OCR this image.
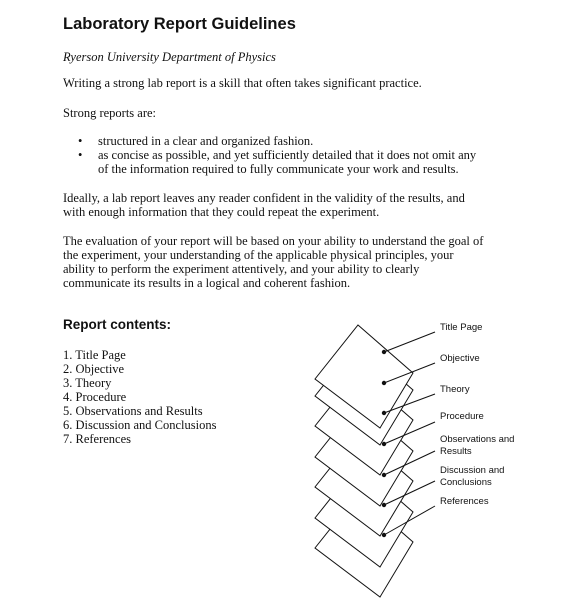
Laboratory Report Guidelines

Ryerson University Department of Physics

Writing a strong lab report is a skill that often takes significant practice.

Strong reports are:

• structured in a clear and organized fashion.
• as concise as possible, and yet sufficiently detailed that it does not omit any
of the information required to fully communicate your work and results.
Ideally, a lab report leaves any reader confident in the validity of the results, and
with enough information that they could repeat the experiment.
The evaluation of your report will be based on your ability to understand the goal of
the experiment, your understanding of the applicable physical principles, your
ability to perform the experiment attentively, and your ability to clearly
communicate its results in a logical and coherent fashion.
Report contents:
1. Title Page
2. Objective
3. Theory
4. Procedure
5. Observations and Results
6. Discussion and Conclusions
7. References
Title Page
Objective
Theory
Procedure
Observations and
Results
Discussion and
Conclusions
References
